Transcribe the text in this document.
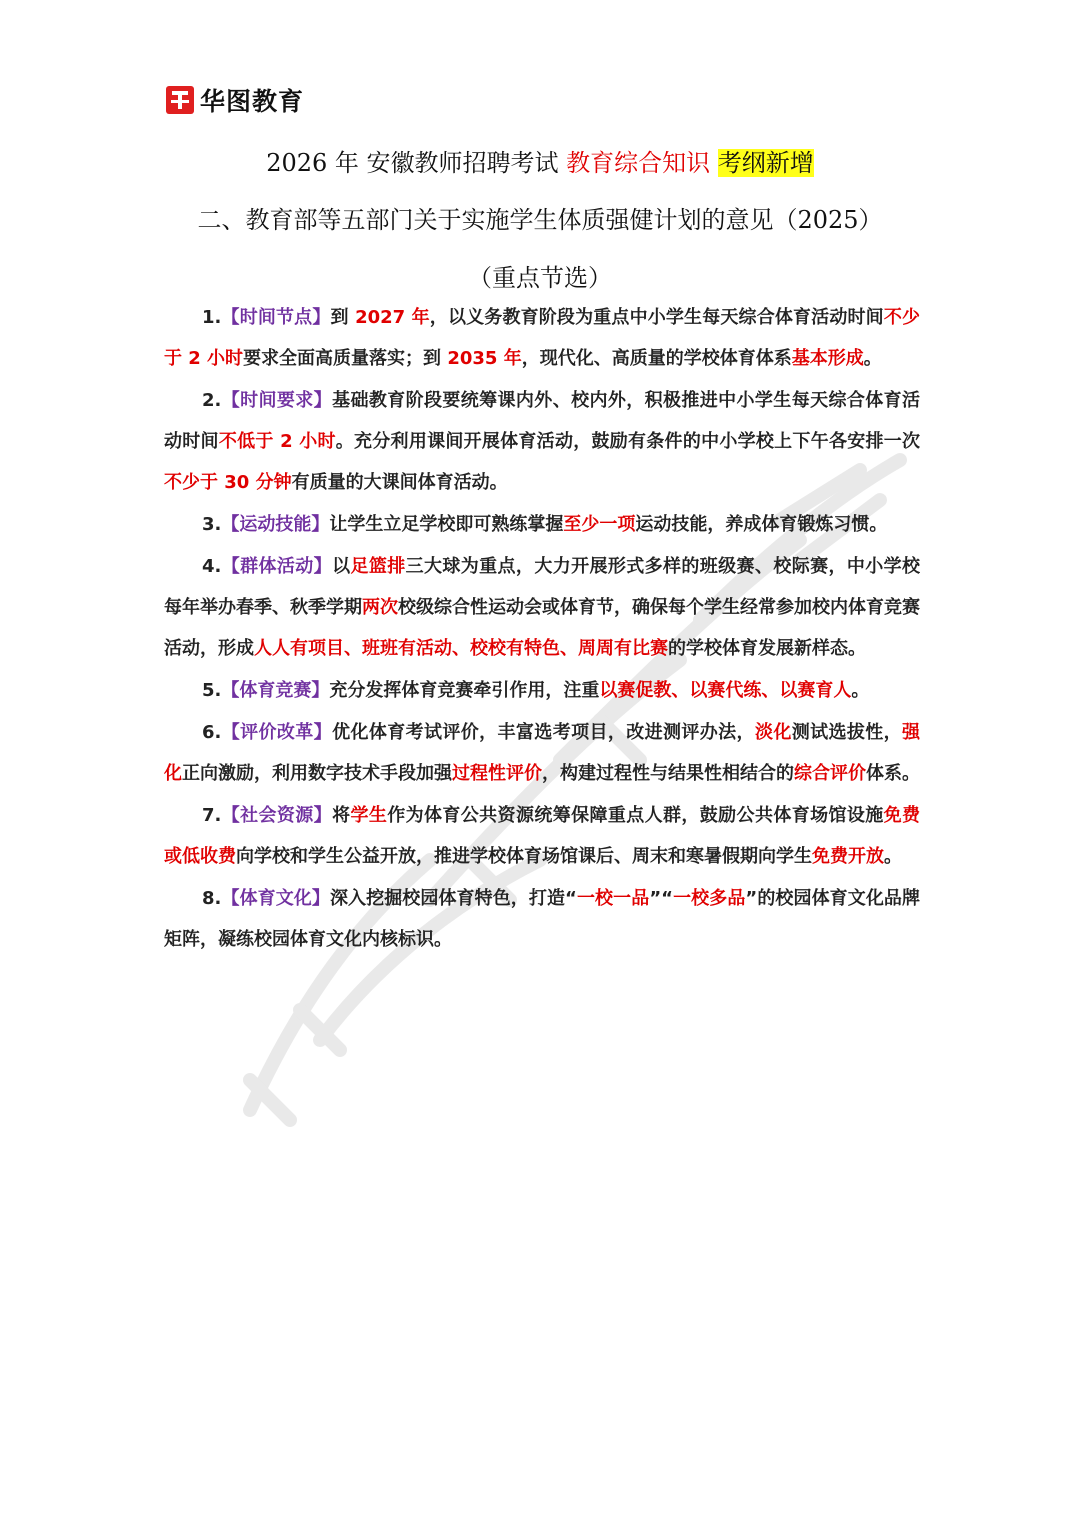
华图教育
2026 年 安徽教师招聘考试 教育综合知识 考纲新增
二、教育部等五部门关于实施学生体质强健计划的意见（2025）
（重点节选）

1.【时间节点】到 2027 年，以义务教育阶段为重点中小学生每天综合体育活动时间不少于 2 小时要求全面高质量落实；到 2035 年，现代化、高质量的学校体育体系基本形成。

2.【时间要求】基础教育阶段要统筹课内外、校内外，积极推进中小学生每天综合体育活动时间不低于 2 小时。充分利用课间开展体育活动，鼓励有条件的中小学校上下午各安排一次不少于 30 分钟有质量的大课间体育活动。

3.【运动技能】让学生立足学校即可熟练掌握至少一项运动技能，养成体育锻炼习惯。

4.【群体活动】以足篮排三大球为重点，大力开展形式多样的班级赛、校际赛，中小学校每年举办春季、秋季学期两次校级综合性运动会或体育节，确保每个学生经常参加校内体育竞赛活动，形成人人有项目、班班有活动、校校有特色、周周有比赛的学校体育发展新样态。

5.【体育竞赛】充分发挥体育竞赛牵引作用，注重以赛促教、以赛代练、以赛育人。

6.【评价改革】优化体育考试评价，丰富选考项目，改进测评办法，淡化测试选拔性，强化正向激励，利用数字技术手段加强过程性评价，构建过程性与结果性相结合的综合评价体系。

7.【社会资源】将学生作为体育公共资源统筹保障重点人群，鼓励公共体育场馆设施免费或低收费向学校和学生公益开放，推进学校体育场馆课后、周末和寒暑假期向学生免费开放。

8.【体育文化】深入挖掘校园体育特色，打造“一校一品”“一校多品”的校园体育文化品牌矩阵，凝练校园体育文化内核标识。
